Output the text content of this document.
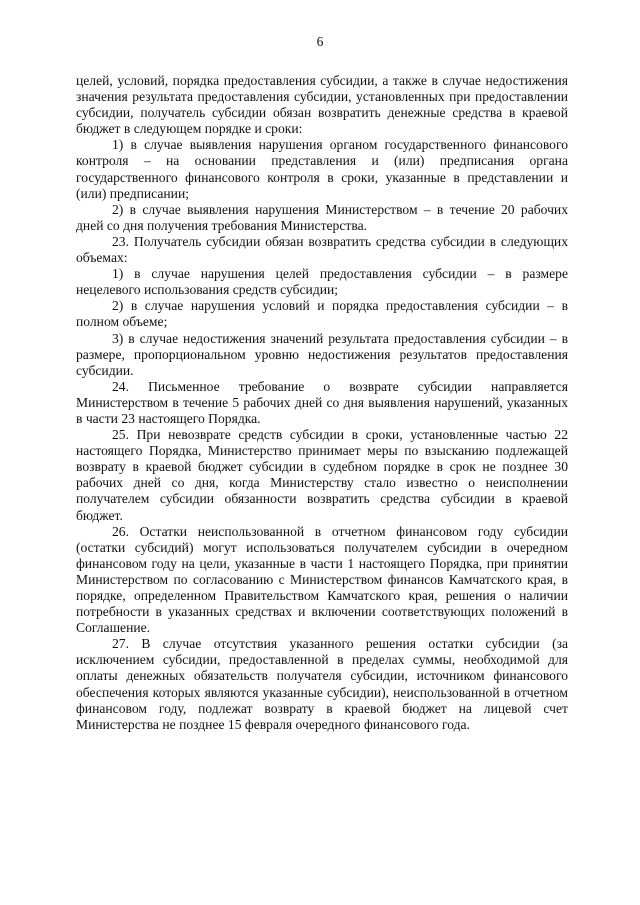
6

целей, условий, порядка предоставления субсидии, а также в случае недостижения значения результата предоставления субсидии, установленных при предоставлении субсидии, получатель субсидии обязан возвратить денежные средства в краевой бюджет в следующем порядке и сроки:

1) в случае выявления нарушения органом государственного финансового контроля – на основании представления и (или) предписания органа государственного финансового контроля в сроки, указанные в представлении и (или) предписании;

2) в случае выявления нарушения Министерством – в течение 20 рабочих дней со дня получения требования Министерства.

23. Получатель субсидии обязан возвратить средства субсидии в следующих объемах:

1) в случае нарушения целей предоставления субсидии – в размере нецелевого использования средств субсидии;

2) в случае нарушения условий и порядка предоставления субсидии – в полном объеме;

3) в случае недостижения значений результата предоставления субсидии – в размере, пропорциональном уровню недостижения результатов предоставления субсидии.

24. Письменное требование о возврате субсидии направляется Министерством в течение 5 рабочих дней со дня выявления нарушений, указанных в части 23 настоящего Порядка.

25. При невозврате средств субсидии в сроки, установленные частью 22 настоящего Порядка, Министерство принимает меры по взысканию подлежащей возврату в краевой бюджет субсидии в судебном порядке в срок не позднее 30 рабочих дней со дня, когда Министерству стало известно о неисполнении получателем субсидии обязанности возвратить средства субсидии в краевой бюджет.

26. Остатки неиспользованной в отчетном финансовом году субсидии (остатки субсидий) могут использоваться получателем субсидии в очередном финансовом году на цели, указанные в части 1 настоящего Порядка, при принятии Министерством по согласованию с Министерством финансов Камчатского края, в порядке, определенном Правительством Камчатского края, решения о наличии потребности в указанных средствах и включении соответствующих положений в Соглашение.

27. В случае отсутствия указанного решения остатки субсидии (за исключением субсидии, предоставленной в пределах суммы, необходимой для оплаты денежных обязательств получателя субсидии, источником финансового обеспечения которых являются указанные субсидии), неиспользованной в отчетном финансовом году, подлежат возврату в краевой бюджет на лицевой счет Министерства не позднее 15 февраля очередного финансового года.
